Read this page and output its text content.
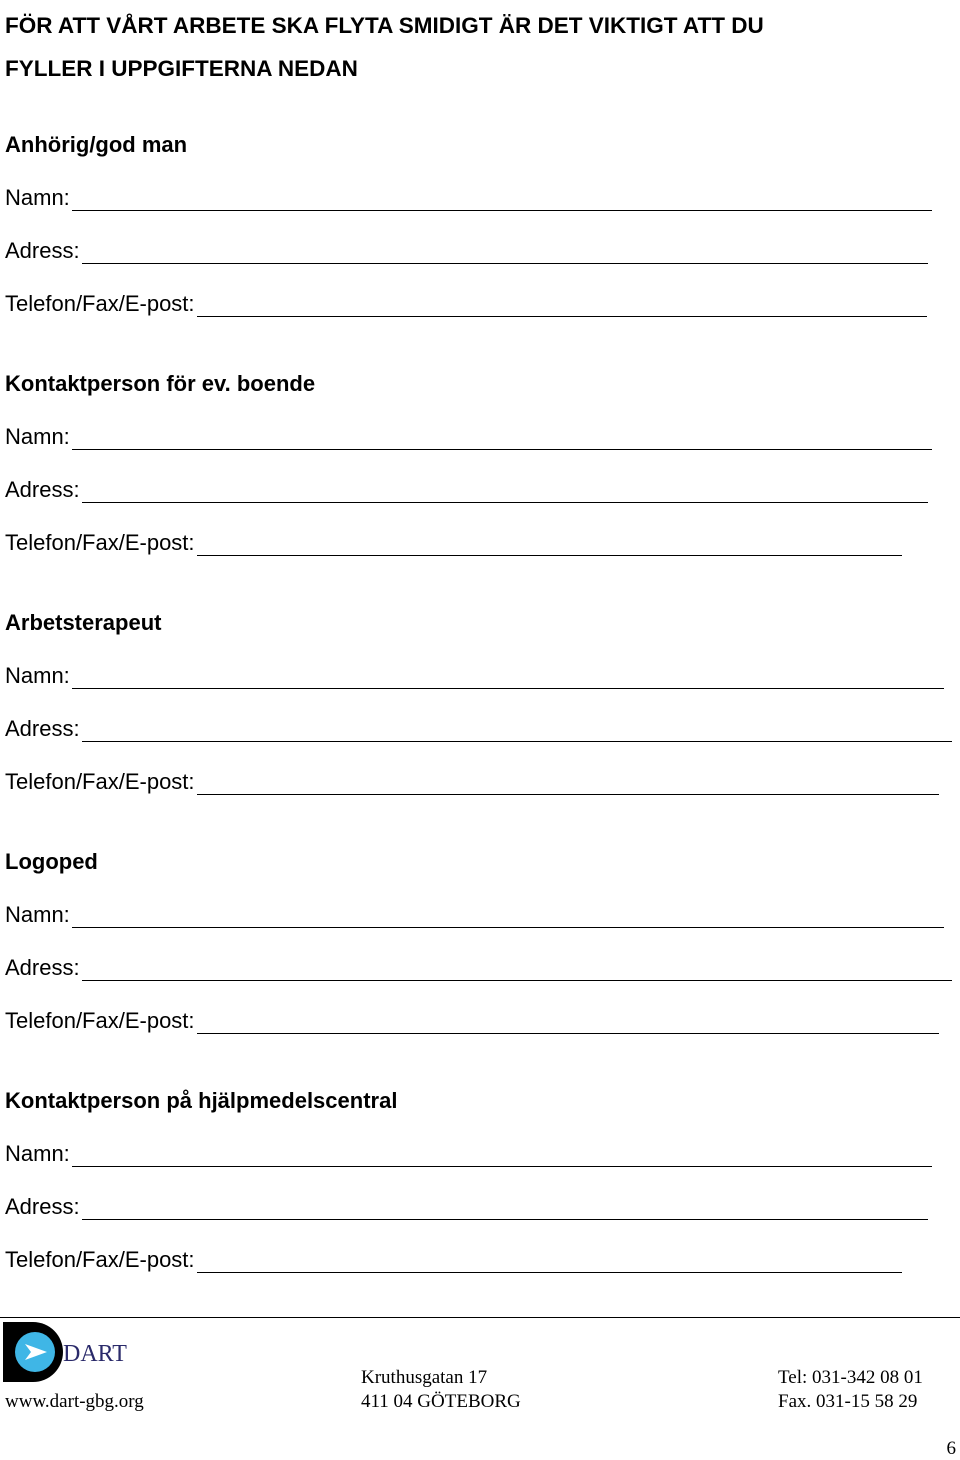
FÖR ATT VÅRT ARBETE SKA FLYTA SMIDIGT ÄR DET VIKTIGT ATT DU
FYLLER I UPPGIFTERNA NEDAN
Anhörig/god man
Namn:
Adress:
Telefon/Fax/E-post:
Kontaktperson för ev. boende
Namn:
Adress:
Telefon/Fax/E-post:
Arbetsterapeut
Namn:
Adress:
Telefon/Fax/E-post:
Logoped
Namn:
Adress:
Telefon/Fax/E-post:
Kontaktperson på hjälpmedelscentral
Namn:
Adress:
Telefon/Fax/E-post:
DART
www.dart-gbg.org
Kruthusgatan 17
411 04 GÖTEBORG
Tel: 031-342 08 01
Fax. 031-15 58 29
6
